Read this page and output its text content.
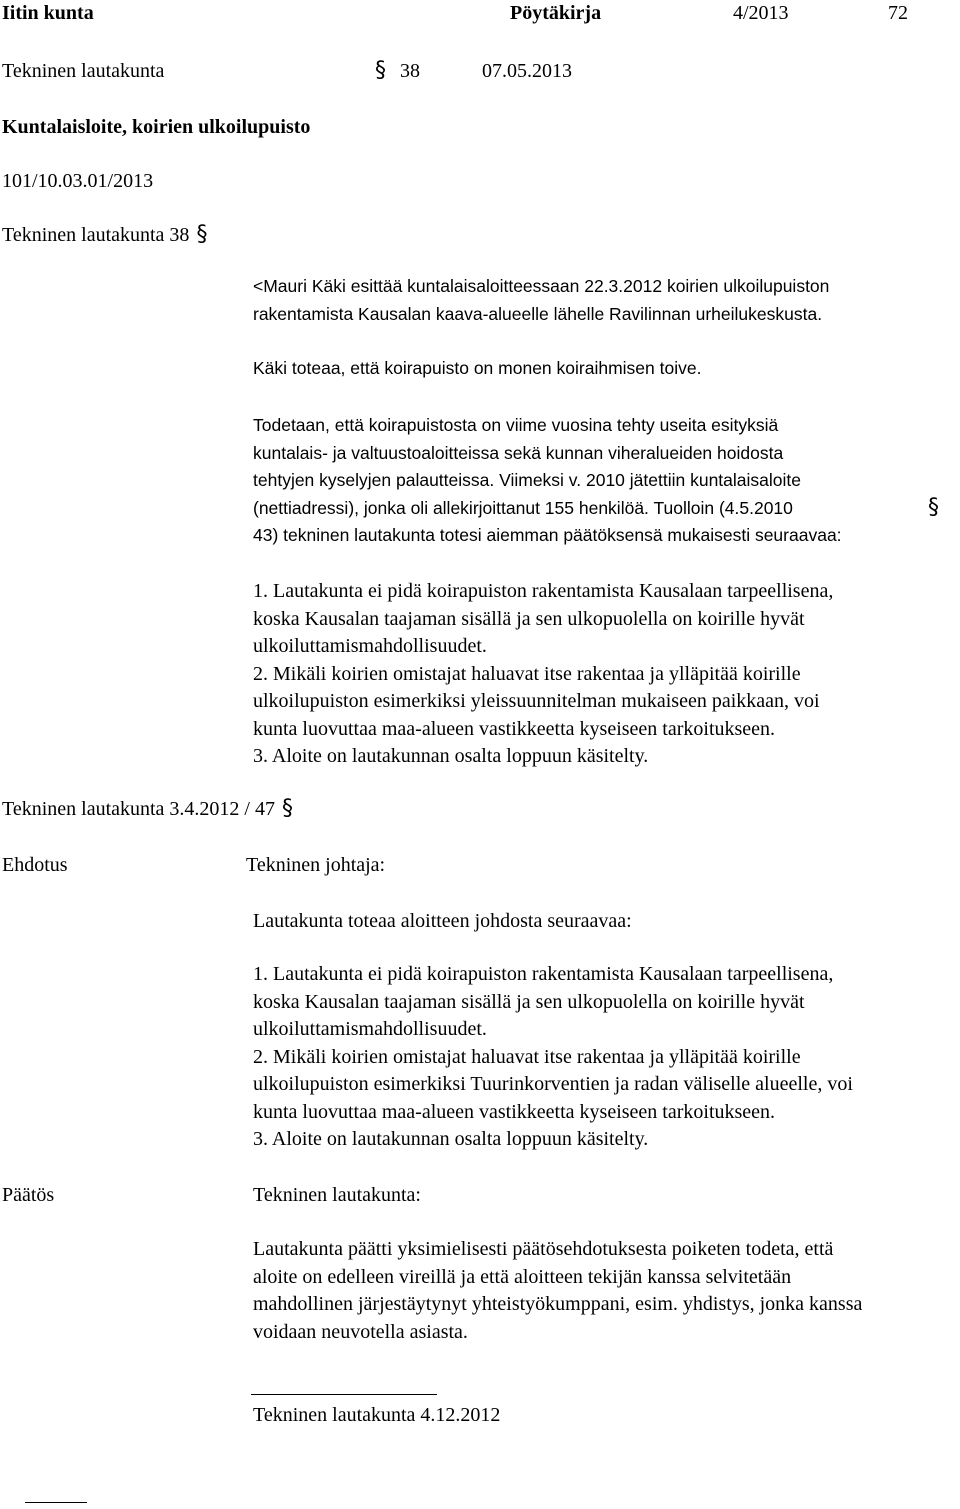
Iitin kunta	Pöytäkirja	4/2013	72
Tekninen lautakunta	§ 38	07.05.2013
Kuntalaisloite, koirien ulkoilupuisto
101/10.03.01/2013
Tekninen lautakunta 38 §
<Mauri Käki esittää kuntalaisaloitteessaan 22.3.2012 koirien ulkoilupuiston
rakentamista Kausalan kaava-alueelle lähelle Ravilinnan urheilukeskusta.
Käki toteaa, että koirapuisto on monen koiraihmisen toive.
Todetaan, että koirapuistosta on viime vuosina tehty useita esityksiä
kuntalais- ja valtuustoaloitteissa sekä kunnan viheralueiden hoidosta
tehtyjen kyselyjen palautteissa. Viimeksi v. 2010 jätettiin kuntalaisaloite
(nettiadressi), jonka oli allekirjoittanut 155 henkilöä. Tuolloin (4.5.2010
43) tekninen lautakunta totesi aiemman päätöksensä mukaisesti seuraavaa:
§
1. Lautakunta ei pidä koirapuiston rakentamista Kausalaan tarpeellisena,
koska Kausalan taajaman sisällä ja sen ulkopuolella on koirille hyvät
ulkoiluttamismahdollisuudet.
2. Mikäli koirien omistajat haluavat itse rakentaa ja ylläpitää koirille
ulkoilupuiston esimerkiksi yleissuunnitelman mukaiseen paikkaan, voi
kunta luovuttaa maa-alueen vastikkeetta kyseiseen tarkoitukseen.
3. Aloite on lautakunnan osalta loppuun käsitelty.
Tekninen lautakunta 3.4.2012 / 47 §
Ehdotus	Tekninen johtaja:
Lautakunta toteaa aloitteen johdosta seuraavaa:
1. Lautakunta ei pidä koirapuiston rakentamista Kausalaan tarpeellisena,
koska Kausalan taajaman sisällä ja sen ulkopuolella on koirille hyvät
ulkoiluttamismahdollisuudet.
2. Mikäli koirien omistajat haluavat itse rakentaa ja ylläpitää koirille
ulkoilupuiston esimerkiksi Tuurinkorventien ja radan väliselle alueelle, voi
kunta luovuttaa maa-alueen vastikkeetta kyseiseen tarkoitukseen.
3. Aloite on lautakunnan osalta loppuun käsitelty.
Päätös	Tekninen lautakunta:
Lautakunta päätti yksimielisesti päätösehdotuksesta poiketen todeta, että
aloite on edelleen vireillä ja että aloitteen tekijän kanssa selvitetään
mahdollinen järjestäytynyt yhteistyökumppani, esim. yhdistys, jonka kanssa
voidaan neuvotella asiasta.
Tekninen lautakunta 4.12.2012
